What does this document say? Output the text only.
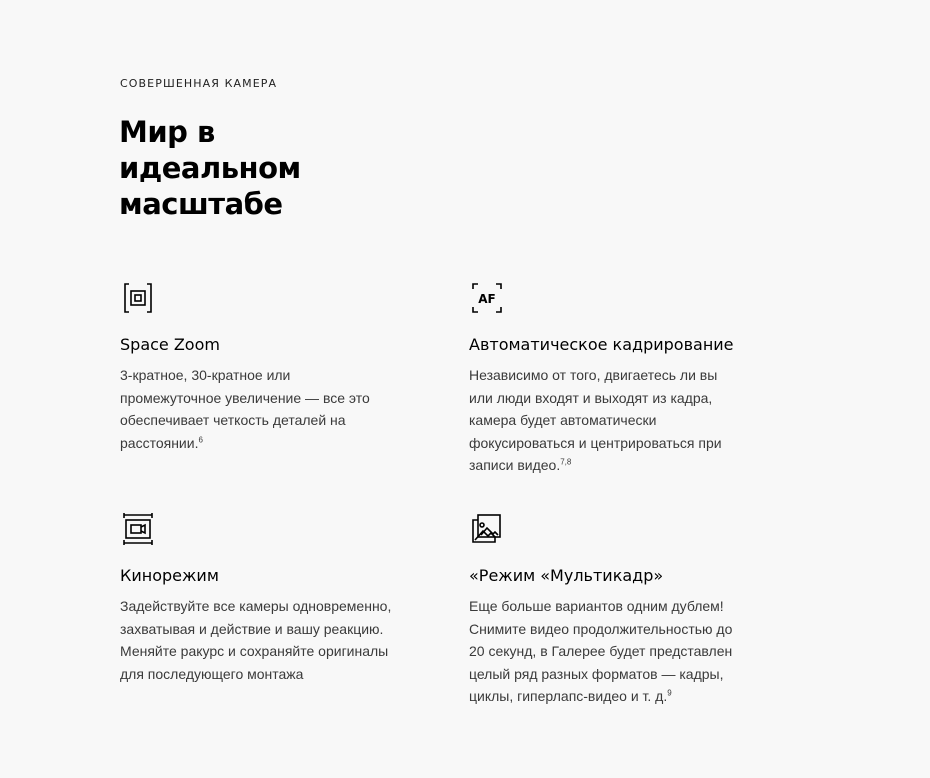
СОВЕРШЕННАЯ КАМЕРА
Мир в идеальном масштабе
Space Zoom

3-кратное, 30-кратное или промежуточное увеличение — все это обеспечивает четкость деталей на расстоянии.$^6$

AF
Автоматическое кадрирование

Независимо от того, двигаетесь ли вы или люди входят и выходят из кадра, камера будет автоматически фокусироваться и центрироваться при записи видео.$^{7,8}$

Кинорежим

Задействуйте все камеры одновременно, захватывая и действие и вашу реакцию. Меняйте ракурс и сохраняйте оригиналы для последующего монтажа

«Режим «Мультикадр»

Еще больше вариантов одним дублем! Снимите видео продолжительностью до 20 секунд, в Галерее будет представлен целый ряд разных форматов — кадры, циклы, гиперлапс-видео и т. д.$^9$
